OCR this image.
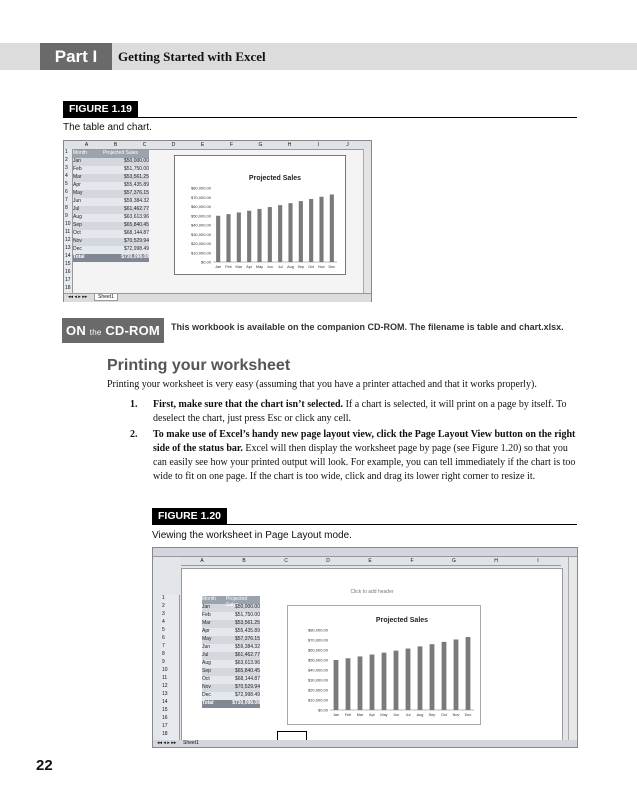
Part I	Getting Started with Excel
FIGURE 1.19
The table and chart.
A	B	C	D	E	F	G	H	I	J
1
2
3
4
5
6
7
8
9
10
11
12
13
14
15
16
17
18
Month	Projected Sales
Jan	$50,000.00
Feb	$51,750.00
Mar	$53,561.25
Apr	$55,435.89
May	$57,376.15
Jun	$59,384.32
Jul	$61,462.77
Aug	$63,613.96
Sep	$65,840.45
Oct	$68,144.87
Nov	$70,529.94
Dec	$72,998.49
Total	$730,098.08
Projected Sales
$80,000.00
$70,000.00
$60,000.00
$50,000.00
$40,000.00
$30,000.00
$20,000.00
$10,000.00
$0.00
Jan Feb Mar Apr May Jun Jul Aug Sep Oct Nov Dec
◂◂ ◂ ▸ ▸▸	Sheet1
ON the CD-ROM	This workbook is available on the companion CD-ROM. The filename is table and chart.xlsx.
Printing your worksheet
Printing your worksheet is very easy (assuming that you have a printer attached and that it works properly).
1. First, make sure that the chart isn’t selected. If a chart is selected, it will print on a page by itself. To deselect the chart, just press Esc or click any cell.
2. To make use of Excel’s handy new page layout view, click the Page Layout View button on the right side of the status bar. Excel will then display the worksheet page by page (see Figure 1.20) so that you can easily see how your printed output will look. For example, you can tell immediately if the chart is too wide to fit on one page. If the chart is too wide, click and drag its lower right corner to resize it.
FIGURE 1.20
Viewing the worksheet in Page Layout mode.
A	B	C	D	E	F	G	H	I
Click to add header
Month	Projected Sales
Jan	$50,000.00
Feb	$51,750.00
Mar	$53,561.25
Apr	$55,435.89
May	$57,376.15
Jun	$59,384.32
Jul	$61,462.77
Aug	$63,613.96
Sep	$65,840.45
Oct	$68,144.87
Nov	$70,529.94
Dec	$72,998.49
Total	$730,098.08
Projected Sales
$80,000.00
$70,000.00
$60,000.00
$50,000.00
$40,000.00
$30,000.00
$20,000.00
$10,000.00
$0.00
Jan Feb Mar Apr May Jun Jul Aug Sep Oct Nov Dec
1
2
3
4
5
6
7
8
9
10
11
12
13
14
15
16
17
18
◂◂ ◂ ▸ ▸▸ Sheet1
22
